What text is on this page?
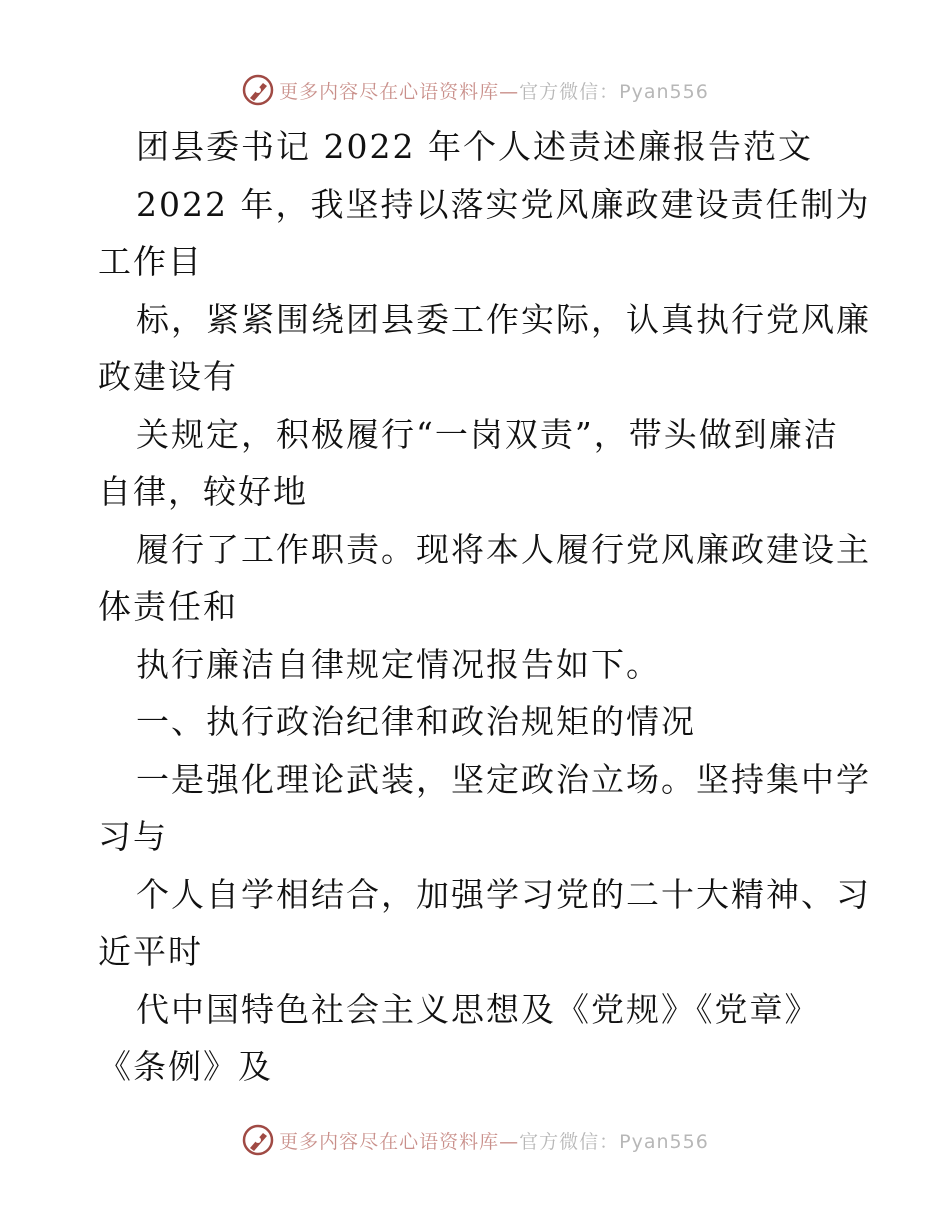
更多内容尽在心语资料库—官方微信：Pyan556
团县委书记 2022 年个人述责述廉报告范文
2022 年，我坚持以落实党风廉政建设责任制为
工作目
标，紧紧围绕团县委工作实际，认真执行党风廉
政建设有
关规定，积极履行“一岗双责”，带头做到廉洁
自律，较好地
履行了工作职责。现将本人履行党风廉政建设主
体责任和
执行廉洁自律规定情况报告如下。
一、执行政治纪律和政治规矩的情况
一是强化理论武装，坚定政治立场。坚持集中学
习与
个人自学相结合，加强学习党的二十大精神、习
近平时
代中国特色社会主义思想及《党规》《党章》
《条例》及
更多内容尽在心语资料库—官方微信：Pyan556
